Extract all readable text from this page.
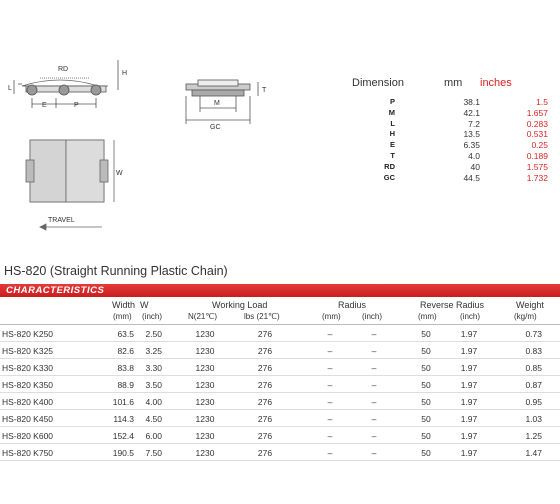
RD
L
H
E	P	M
GC
T
W
TRAVEL
Dimension	mm inches
P	38.1	1.5
M	42.1	1.657
L	7.2	0.283
H	13.5	0.531
E	6.35	0.25
T	4.0	0.189
RD	40	1.575
GC	44.5	1.732
HS-820 (Straight Running Plastic Chain)
CHARACTERISTICS
Width W	Working Load	Radius	Reverse Radius	Weight
(mm) (inch)	N(21℃)	lbs (21℃)	(mm)	(inch)	(mm)	(inch)	(kg/m)
HS-820 K250	63.5	2.50	1230	276	–	–	50	1.97	0.73
HS-820 K325	82.6	3.25	1230	276	–	–	50	1.97	0.83
HS-820 K330	83.8	3.30	1230	276	–	–	50	1.97	0.85
HS-820 K350	88.9	3.50	1230	276	–	–	50	1.97	0.87
HS-820 K400	101.6	4.00	1230	276	–	–	50	1.97	0.95
HS-820 K450	114.3	4.50	1230	276	–	–	50	1.97	1.03
HS-820 K600	152.4	6.00	1230	276	–	–	50	1.97	1.25
HS-820 K750	190.5	7.50	1230	276	–	–	50	1.97	1.47
